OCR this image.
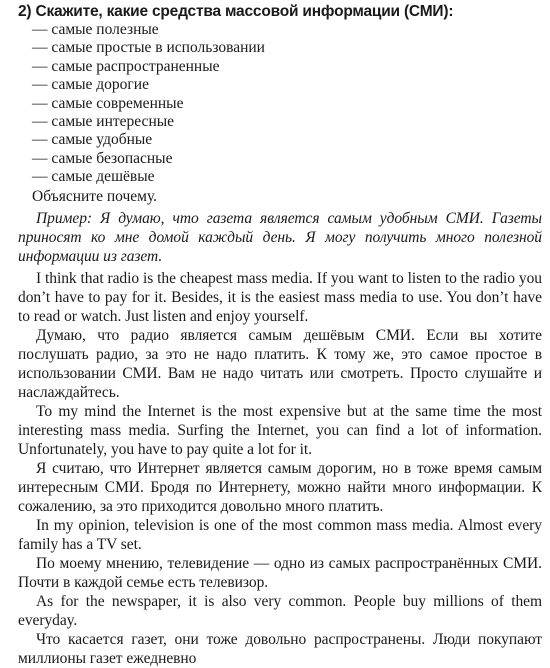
2) Скажите, какие средства массовой информации (СМИ):
— самые полезные
— самые простые в использовании
— самые распространенные
— самые дорогие
— самые современные
— самые интересные
— самые удобные
— самые безопасные
— самые дешёвые

Объясните почему.

Пример: Я думаю, что газета является самым удобным СМИ. Газеты приносят ко мне домой каждый день. Я могу получить много полезной информации из газет.

I think that radio is the cheapest mass media. If you want to listen to the radio you don’t have to pay for it. Besides, it is the easiest mass media to use. You don’t have to read or watch. Just listen and enjoy yourself.

Думаю, что радио является самым дешёвым СМИ. Если вы хотите послушать радио, за это не надо платить. К тому же, это самое простое в использовании СМИ. Вам не надо читать или смотреть. Просто слушайте и наслаждайтесь.

To my mind the Internet is the most expensive but at the same time the most interesting mass media. Surfing the Internet, you can find a lot of information. Unfortunately, you have to pay quite a lot for it.

Я считаю, что Интернет является самым дорогим, но в тоже время самым интересным СМИ. Бродя по Интернету, можно найти много информации. К сожалению, за это приходится довольно много платить.

In my opinion, television is one of the most common mass media. Almost every family has a TV set.

По моему мнению, телевидение — одно из самых распространённых СМИ. Почти в каждой семье есть телевизор.

As for the newspaper, it is also very common. People buy millions of them everyday.

Что касается газет, они тоже довольно распространены. Люди покупают миллионы газет ежедневно
